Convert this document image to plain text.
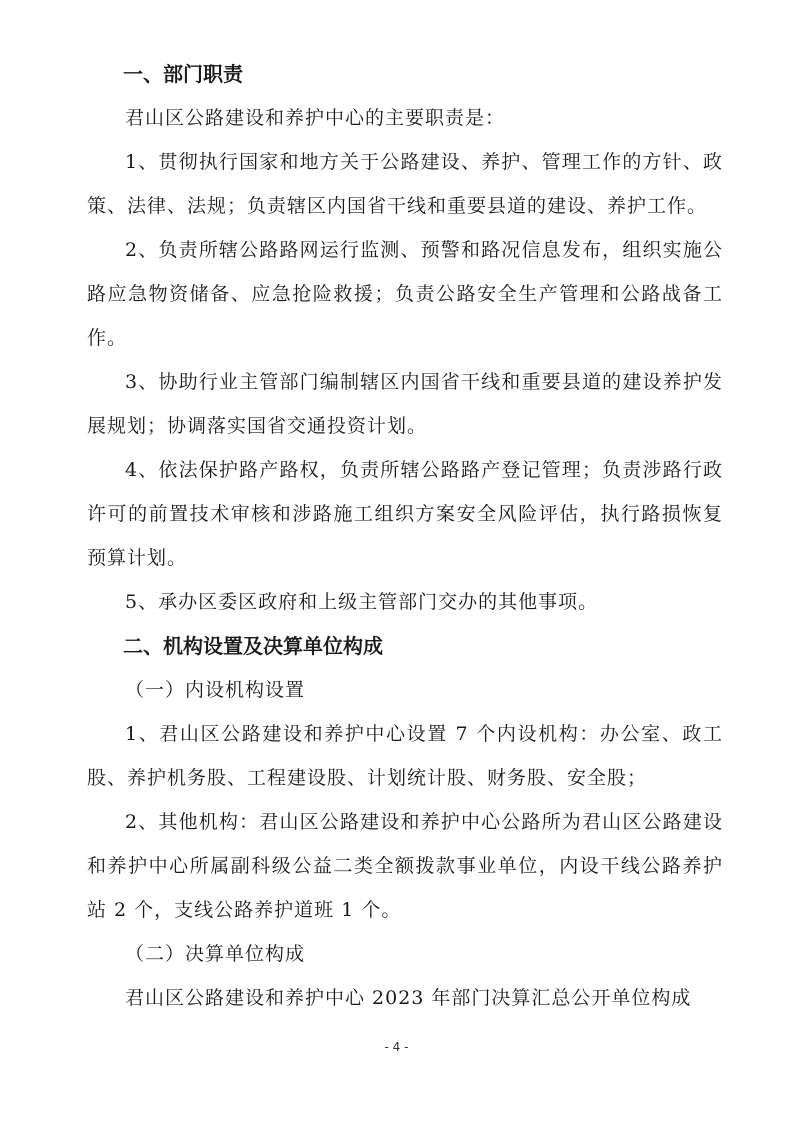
一、部门职责

君山区公路建设和养护中心的主要职责是：

1、贯彻执行国家和地方关于公路建设、养护、管理工作的方针、政策、法律、法规；负责辖区内国省干线和重要县道的建设、养护工作。

2、负责所辖公路路网运行监测、预警和路况信息发布，组织实施公路应急物资储备、应急抢险救援；负责公路安全生产管理和公路战备工作。

3、协助行业主管部门编制辖区内国省干线和重要县道的建设养护发展规划；协调落实国省交通投资计划。

4、依法保护路产路权，负责所辖公路路产登记管理；负责涉路行政许可的前置技术审核和涉路施工组织方案安全风险评估，执行路损恢复预算计划。

5、承办区委区政府和上级主管部门交办的其他事项。

二、机构设置及决算单位构成

（一）内设机构设置

1、君山区公路建设和养护中心设置 7 个内设机构：办公室、政工股、养护机务股、工程建设股、计划统计股、财务股、安全股；

2、其他机构：君山区公路建设和养护中心公路所为君山区公路建设和养护中心所属副科级公益二类全额拨款事业单位，内设干线公路养护站 2 个，支线公路养护道班 1 个。

（二）决算单位构成

君山区公路建设和养护中心 2023 年部门决算汇总公开单位构成

- 4 -
